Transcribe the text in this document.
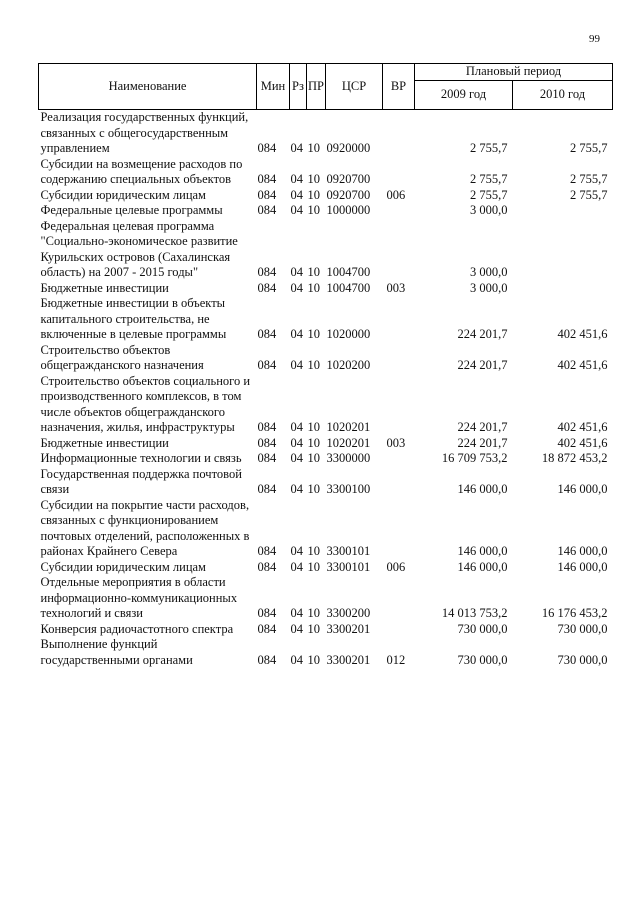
99
Наименование	Мин	Рз	ПР	ЦСР	ВР	Плановый период	
						2009 год	2010 год
Реализация государственных функций, связанных с общегосударственным управлением	084	04	10	0920000		2 755,7	2 755,7
Субсидии на возмещение расходов по содержанию специальных объектов	084	04	10	0920700		2 755,7	2 755,7
Субсидии юридическим лицам	084	04	10	0920700	006	2 755,7	2 755,7
Федеральные целевые программы	084	04	10	1000000		3 000,0	
Федеральная целевая программа "Социально-экономическое развитие Курильских островов (Сахалинская область) на 2007 - 2015 годы"	084	04	10	1004700		3 000,0	
Бюджетные инвестиции	084	04	10	1004700	003	3 000,0	
Бюджетные инвестиции в объекты капитального строительства, не включенные в целевые программы	084	04	10	1020000		224 201,7	402 451,6
Строительство объектов общегражданского назначения	084	04	10	1020200		224 201,7	402 451,6
Строительство объектов социального и производственного комплексов, в том числе объектов общегражданского назначения, жилья, инфраструктуры	084	04	10	1020201		224 201,7	402 451,6
Бюджетные инвестиции	084	04	10	1020201	003	224 201,7	402 451,6
Информационные технологии и связь	084	04	10	3300000		16 709 753,2	18 872 453,2
Государственная поддержка почтовой связи	084	04	10	3300100		146 000,0	146 000,0
Субсидии на покрытие части расходов, связанных с функционированием почтовых отделений, расположенных в районах Крайнего Севера	084	04	10	3300101		146 000,0	146 000,0
Субсидии юридическим лицам	084	04	10	3300101	006	146 000,0	146 000,0
Отдельные мероприятия в области информационно-коммуникационных технологий и связи	084	04	10	3300200		14 013 753,2	16 176 453,2
Конверсия радиочастотного спектра	084	04	10	3300201		730 000,0	730 000,0
Выполнение функций государственными органами	084	04	10	3300201	012	730 000,0	730 000,0
